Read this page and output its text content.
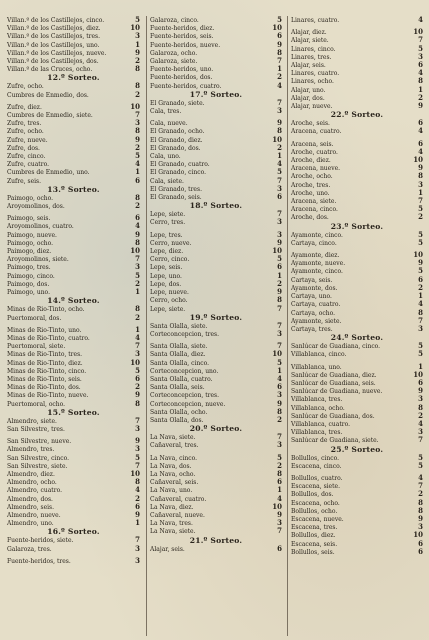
Villan.º de los Castillejos, cinco.	5
Villan.º de los Castillejos, diez.	10
Villan.º de los Castillejos, tres.	3
Villan.º de los Castillejos, uno.	1
Villan.º de los Castillejos, nueve.	9
Villan.º de los Castillejos, dos.	2
Villan.º de las Cruces, ocho.	8
12.º Sorteo.
Zufre, ocho.	8
Cumbres de Enmedio, dos.	2
Zufre, diez.	10
Cumbres de Enmedio, siete.	7
Zufre, tres.	3
Zufre, ocho.	8
Zufre, nueve.	9
Zufre, dos.	2
Zufre, cinco.	5
Zufre, cuatro.	4
Cumbres de Enmedio, uno.	1
Zufre, seis.	6
13.º Sorteo.
Paimogo, ocho.	8
Aroyomolinos, dos.	2
Paimogo, seis.	6
Aroyomolinos, cuatro.	4
Paimogo, nueve.	9
Paimogo, ocho.	8
Paimogo, diez.	10
Aroyomolinos, siete.	7
Paimogo, tres.	3
Paimogo, cinco.	5
Paimogo, dos.	2
Paimogo, uno.	1
14.º Sorteo.
Minas de Rio-Tinto, ocho.	8
Puertomoral, dos.	2
Minas de Rio-Tinto, uno.	1
Minas de Rio-Tinto, cuatro.	4
Puertomoral, siete.	7
Minas de Rio-Tinto, tres.	3
Minas de Rio-Tinto, diez.	10
Minas de Rio-Tinto, cinco.	5
Minas de Rio-Tinto, seis.	6
Minas de Rio-Tinto, dos.	2
Minas de Rio-Tinto, nueve.	9
Puertomoral, ocho.	8
15.º Sorteo.
Almendro, siete.	7
San Silvestre, tres.	3
San Silvestre, nueve.	9
Almendro, tres.	3
San Silvestre, cinco.	5
San Silvestre, siete.	7
Almendro, diez.	10
Almendro, ocho.	8
Almendro, cuatro.	4
Almendro, dos.	2
Almendro, seis.	6
Almendro, nueve.	9
Almendro, uno.	1
16.º Sorteo.
Fuente-heridos, siete.	7
Galaroza, tres.	3
Fuente-heridos, tres.	3
Galaroza, cinco.	5
Fuente-heridos, diez.	10
Fuente-heridos, seis.	6
Fuente-heridos, nueve.	9
Galaroza, ocho.	8
Galaroza, siete.	7
Fuente-heridos, uno.	1
Fuente-heridos, dos.	2
Fuente-heridos, cuatro.	4
17.º Sorteo.
El Granado, siete.	7
Cala, tres.	3
Cala, nueve.	9
El Granado, ocho.	8
El Granado, diez.	10
El Granado, dos.	2
Cala, uno.	1
El Granado, cuatro.	4
El Granado, cinco.	5
Cala, siete.	7
El Granado, tres.	3
El Granado, seis.	6
18.º Sorteo.
Lepe, siete.	7
Cerro, tres.	3
Lepe, tres.	3
Cerro, nueve.	9
Lepe, diez.	10
Cerro, cinco.	5
Lepe, seis.	6
Lepe, uno.	1
Lepe, dos.	2
Lepe, nueve.	9
Cerro, ocho.	8
Lepe, siete.	7
19.º Sorteo.
Santa Olalla, siete.	7
Corteconcepcion, tres.	3
Santa Olalla, siete.	7
Santa Olalla, diez.	10
Santa Olalla, cinco.	5
Corteconcepcion, uno.	1
Santa Olalla, cuatro.	4
Santa Olalla, seis.	6
Corteconcepcion, tres.	3
Corteconcepcion, nueve.	9
Santa Olalla, ocho.	8
Santa Olalla, dos.	2
20.º Sorteo.
La Nava, siete.	7
Cañaveral, tres.	3
La Nava, cinco.	5
La Nava, dos.	2
La Nava, ocho.	8
Cañaveral, seis.	6
La Nava, uno.	1
Cañaveral, cuatro.	4
La Nava, diez.	10
Cañaveral, nueve.	9
La Nava, tres.	3
La Nava, siete.	7
21.º Sorteo.
Alajar, seis.	6
Linares, cuatro.	4
Alajar, diez.	10
Alajar, siete.	7
Linares, cinco.	5
Linares, tres.	3
Alajar, seis.	6
Linares, cuatro.	4
Linares, ocho.	8
Alajar, uno.	1
Alajar, dos.	2
Alajar, nueve.	9
22.º Sorteo.
Aroche, seis.	6
Aracena, cuatro.	4
Aracena, seis.	6
Aroche, cuatro.	4
Aroche, diez.	10
Aracena, nueve.	9
Aroche, ocho.	8
Aroche, tres.	3
Aroche, uno.	1
Aracena, siete.	7
Aracena, cinco.	5
Aroche, dos.	2
23.º Sorteo.
Ayamonte, cinco.	5
Cartaya, cinco.	5
Ayamonte, diez.	10
Ayamonte, nueve.	9
Ayamonte, cinco.	5
Cartaya, seis.	6
Ayamonte, dos.	2
Cartaya, uno.	1
Cartaya, cuatro.	4
Cartaya, ocho.	8
Ayamonte, siete.	7
Cartaya, tres.	3
24.º Sorteo.
Sanlúcar de Guadiana, cinco.	5
Villablanca, cinco.	5
Villablanca, uno.	1
Sanlúcar de Guadiana, diez.	10
Sanlúcar de Guadiana, seis.	6
Sanlúcar de Guadiana, nueve.	9
Villablanca, tres.	3
Villablanca, ocho.	8
Sanlúcar de Guadiana, dos.	2
Villablanca, cuatro.	4
Villablanca, tres.	3
Sanlúcar de Guadiana, siete.	7
25.º Sorteo.
Bollullos, cinco.	5
Escacena, cinco.	5
Bollullos, cuatro.	4
Escacena, siete.	7
Bollullos, dos.	2
Escacena, ocho.	8
Bollullos, ocho.	8
Escacena, nueve.	9
Escacena, tres.	3
Bollullos, diez.	10
Escacena, seis.	6
Bollullos, seis.	6
